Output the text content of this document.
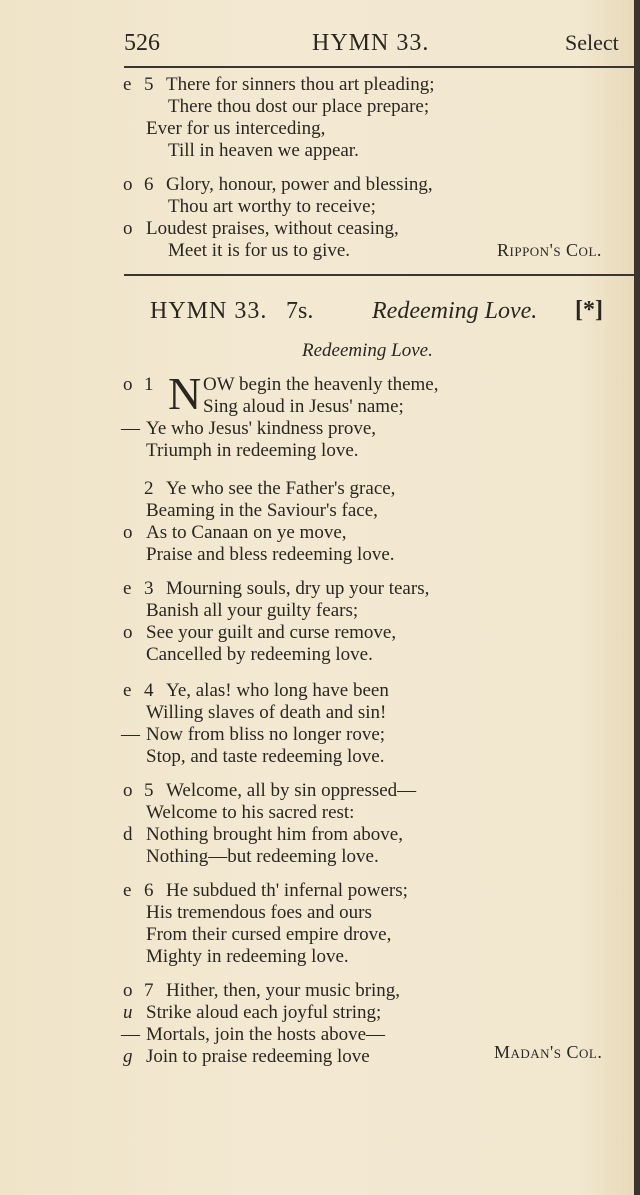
526	HYMN 33.	Select
e 5 There for sinners thou art pleading;
There thou dost our place prepare;
Ever for us interceding,
Till in heaven we appear.
o 6 Glory, honour, power and blessing,
Thou art worthy to receive;
o Loudest praises, without ceasing,
Meet it is for us to give.	Rippon's Col.
HYMN 33. 7s. Redeeming Love. [*]
Redeeming Love.
N
o 1	OW begin the heavenly theme,
Sing aloud in Jesus' name;
— Ye who Jesus' kindness prove,
Triumph in redeeming love.
2 Ye who see the Father's grace,
Beaming in the Saviour's face,
o As to Canaan on ye move,
Praise and bless redeeming love.
e 3 Mourning souls, dry up your tears,
Banish all your guilty fears;
o See your guilt and curse remove,
Cancelled by redeeming love.
e 4 Ye, alas! who long have been
Willing slaves of death and sin!
— Now from bliss no longer rove;
Stop, and taste redeeming love.
o 5 Welcome, all by sin oppressed—
Welcome to his sacred rest:
d Nothing brought him from above,
Nothing—but redeeming love.
e 6 He subdued th' infernal powers;
His tremendous foes and ours
From their cursed empire drove,
Mighty in redeeming love.
o 7 Hither, then, your music bring,
u Strike aloud each joyful string;
— Mortals, join the hosts above—
g Join to praise redeeming love	Madan's Col.
